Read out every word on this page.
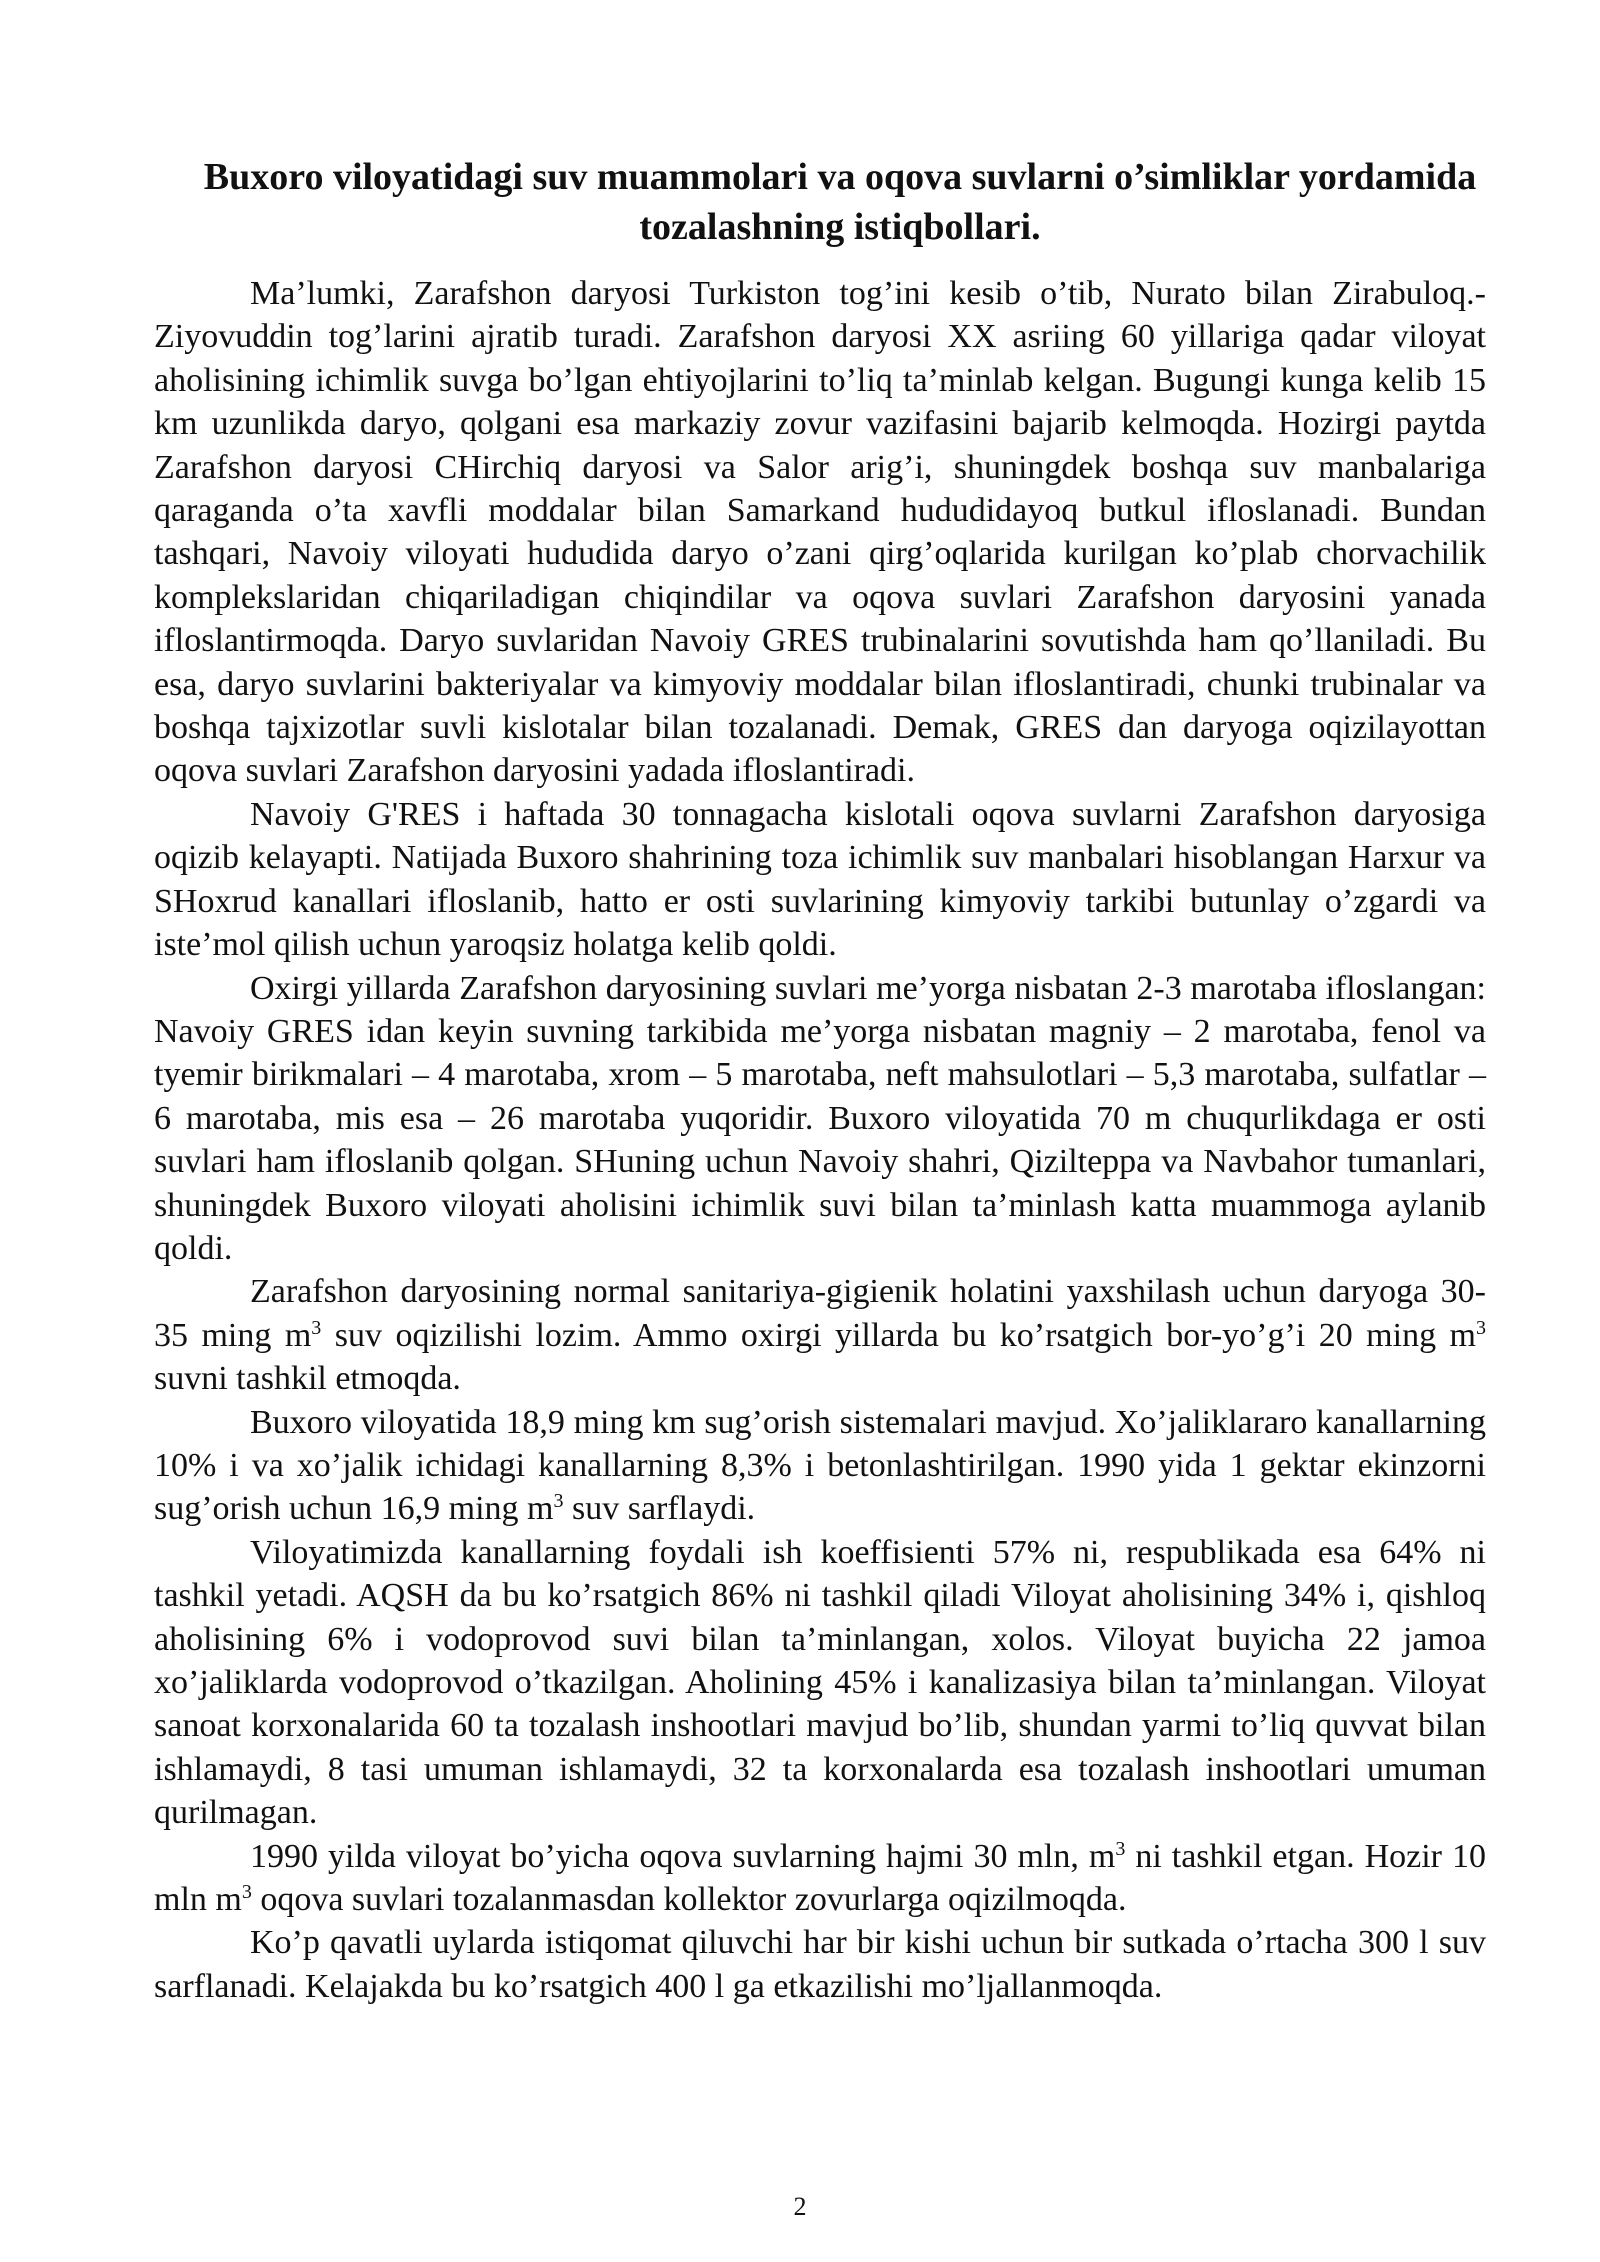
Buxoro viloyatidagi suv muammolari va oqova suvlarni o’simliklar yordamida tozalashning istiqbollari.

Ma’lumki, Zarafshon daryosi Turkiston tog’ini kesib o’tib, Nurato bilan Zirabuloq.-Ziyovuddin tog’larini ajratib turadi. Zarafshon daryosi XX asriing 60 yillariga qadar viloyat aholisining ichimlik suvga bo’lgan ehtiyojlarini to’liq ta’minlab kelgan. Bugungi kunga kelib 15 km uzunlikda daryo, qolgani esa markaziy zovur vazifasini bajarib kelmoqda. Hozirgi paytda Zarafshon daryosi CHirchiq daryosi va Salor arig’i, shuningdek boshqa suv manbalariga qaraganda o’ta xavfli moddalar bilan Samarkand hududidayoq butkul ifloslanadi. Bundan tashqari, Navoiy viloyati hududida daryo o’zani qirg’oqlarida kurilgan ko’plab chorvachilik komplekslaridan chiqariladigan chiqindilar va oqova suvlari Zarafshon daryosini yanada ifloslantirmoqda. Daryo suvlaridan Navoiy GRES trubinalarini sovutishda ham qo’llaniladi. Bu esa, daryo suvlarini bakteriyalar va kimyoviy moddalar bilan ifloslantiradi, chunki trubinalar va boshqa tajxizotlar suvli kislotalar bilan tozalanadi. Demak, GRES dan daryoga oqizilayottan oqova suvlari Zarafshon daryosini yadada ifloslantiradi.

Navoiy G'RES i haftada 30 tonnagacha kislotali oqova suvlarni Zarafshon daryosiga oqizib kelayapti. Natijada Buxoro shahrining toza ichimlik suv manbalari hisoblangan Harxur va SHoxrud kanallari ifloslanib, hatto er osti suvlarining kimyoviy tarkibi butunlay o’zgardi va iste’mol qilish uchun yaroqsiz holatga kelib qoldi.

Oxirgi yillarda Zarafshon daryosining suvlari me’yorga nisbatan 2-3 marotaba ifloslangan: Navoiy GRES idan keyin suvning tarkibida me’yorga nisbatan magniy – 2 marotaba, fenol va tyemir birikmalari – 4 marotaba, xrom – 5 marotaba, neft mahsulotlari – 5,3 marotaba, sulfatlar – 6 marotaba, mis esa – 26 marotaba yuqoridir. Buxoro viloyatida 70 m chuqurlikdaga er osti suvlari ham ifloslanib qolgan. SHuning uchun Navoiy shahri, Qiziltеppa va Navbahor tumanlari, shuningdek Buxoro viloyati aholisini ichimlik suvi bilan ta’minlash katta muammoga aylanib qoldi.

Zarafshon daryosining normal sanitariya-gigienik holatini yaxshilash uchun daryoga 30-35 ming $m^3$ suv oqizilishi lozim. Ammo oxirgi yillarda bu ko’rsatgich bor-yo’g’i 20 ming $m^3$ suvni tashkil etmoqda.

Buxoro viloyatida 18,9 ming km sug’orish sistemalari mavjud. Xo’jaliklararo kanallarning 10% i va xo’jalik ichidagi kanallarning 8,3% i betonlashtirilgan. 1990 yida 1 gektar ekinzorni sug’orish uchun 16,9 ming $m^3$ suv sarflaydi.

Viloyatimizda kanallarning foydali ish koeffisienti 57% ni, respublikada esa 64% ni tashkil yetadi. AQSH da bu ko’rsatgich 86% ni tashkil qiladi Viloyat aholisining 34% i, qishloq aholisining 6% i vodoprovod suvi bilan ta’minlangan, xolos. Viloyat buyicha 22 jamoa xo’jaliklarda vodoprovod o’tkazilgan. Aholining 45% i kanalizasiya bilan ta’minlangan. Viloyat sanoat korxonalarida 60 ta tozalash inshootlari mavjud bo’lib, shundan yarmi to’liq quvvat bilan ishlamaydi, 8 tasi umuman ishlamaydi, 32 ta korxonalarda esa tozalash inshootlari umuman qurilmagan.

1990 yilda viloyat bo’yicha oqova suvlarning hajmi 30 mln, $m^3$ ni tashkil etgan. Hozir 10 mln $m^3$ oqova suvlari tozalanmasdan kollektor zovurlarga oqizilmoqda.

Ko’p qavatli uylarda istiqomat qiluvchi har bir kishi uchun bir sutkada o’rtacha 300 l suv sarflanadi. Kelajakda bu ko’rsatgich 400 l ga etkazilishi mo’ljallanmoqda.

2
